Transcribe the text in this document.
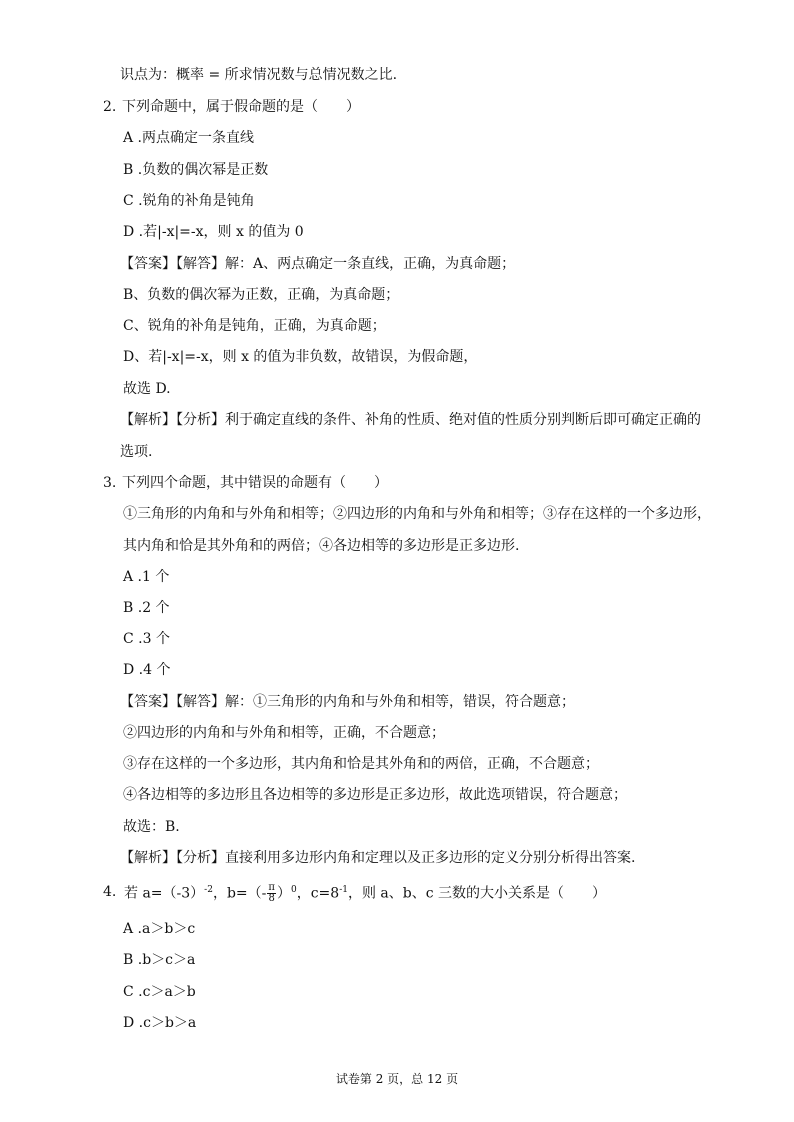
识点为：概率 = 所求情况数与总情况数之比.
2. 下列命题中，属于假命题的是（　　）
A .两点确定一条直线
B .负数的偶次幂是正数
C .锐角的补角是钝角
D .若|-x|=-x，则 x 的值为 0
【答案】【解答】解：A、两点确定一条直线，正确，为真命题；
B、负数的偶次幂为正数，正确，为真命题；
C、锐角的补角是钝角，正确，为真命题；
D、若|-x|=-x，则 x 的值为非负数，故错误，为假命题，
故选 D.
【解析】【分析】利于确定直线的条件、补角的性质、绝对值的性质分别判断后即可确定正确的
选项.
3. 下列四个命题，其中错误的命题有（　　）
①三角形的内角和与外角和相等；②四边形的内角和与外角和相等；③存在这样的一个多边形，
其内角和恰是其外角和的两倍；④各边相等的多边形是正多边形.
A .1 个
B .2 个
C .3 个
D .4 个
【答案】【解答】解：①三角形的内角和与外角和相等，错误，符合题意；
②四边形的内角和与外角和相等，正确，不合题意；
③存在这样的一个多边形，其内角和恰是其外角和的两倍，正确，不合题意；
④各边相等的多边形且各边相等的多边形是正多边形，故此选项错误，符合题意；
故选：B.
【解析】【分析】直接利用多边形内角和定理以及正多边形的定义分别分析得出答案.
4. 若 $a=(-3)^{-2}$，$b=(- \frac{\pi}{8} )^0$，$c=8^{-1}$，则 a、b、c 三数的大小关系是（　　）
A .a＞b＞c
B .b＞c＞a
C .c＞a＞b
D .c＞b＞a
试卷第 2 页，总 12 页
